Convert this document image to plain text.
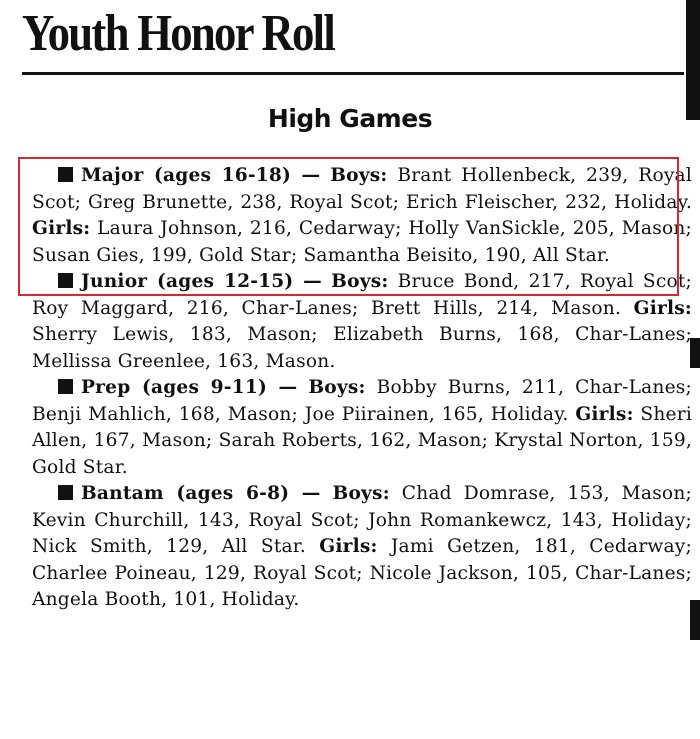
Youth Honor Roll
High Games

Major (ages 16-18) — Boys: Brant Hollenbeck, 239, Royal Scot; Greg Brunette, 238, Royal Scot; Erich Fleischer, 232, Holiday. Girls: Laura Johnson, 216, Cedarway; Holly VanSickle, 205, Mason; Susan Gies, 199, Gold Star; Samantha Beisito, 190, All Star.

Junior (ages 12-15) — Boys: Bruce Bond, 217, Royal Scot; Roy Maggard, 216, Char-Lanes; Brett Hills, 214, Mason. Girls: Sherry Lewis, 183, Mason; Elizabeth Burns, 168, Char-Lanes; Mellissa Greenlee, 163, Mason.

Prep (ages 9-11) — Boys: Bobby Burns, 211, Char-Lanes; Benji Mahlich, 168, Mason; Joe Piirainen, 165, Holiday. Girls: Sheri Allen, 167, Mason; Sarah Roberts, 162, Mason; Krystal Norton, 159, Gold Star.

Bantam (ages 6-8) — Boys: Chad Domrase, 153, Mason; Kevin Churchill, 143, Royal Scot; John Romankewcz, 143, Holiday; Nick Smith, 129, All Star. Girls: Jami Getzen, 181, Cedarway; Charlee Poineau, 129, Royal Scot; Nicole Jackson, 105, Char-Lanes; Angela Booth, 101, Holiday.
